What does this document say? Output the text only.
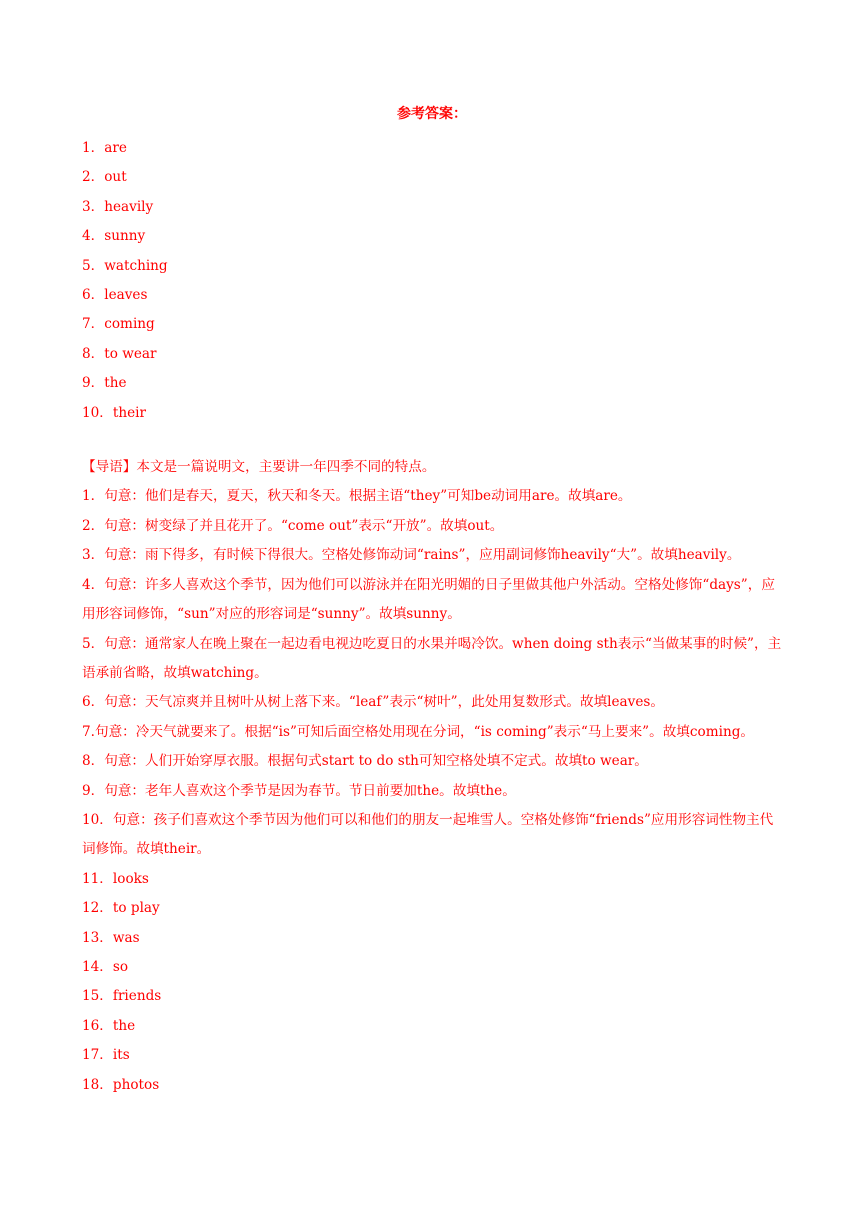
参考答案：
1．are
2．out
3．heavily
4．sunny
5．watching
6．leaves
7．coming
8．to wear
9．the
10．their
【导语】本文是一篇说明文，主要讲一年四季不同的特点。
1．句意：他们是春天，夏天，秋天和冬天。根据主语“they”可知be动词用are。故填are。
2．句意：树变绿了并且花开了。“come out”表示“开放”。故填out。
3．句意：雨下得多，有时候下得很大。空格处修饰动词“rains”，应用副词修饰heavily“大”。故填heavily。
4．句意：许多人喜欢这个季节，因为他们可以游泳并在阳光明媚的日子里做其他户外活动。空格处修饰“days”，应用形容词修饰，“sun”对应的形容词是“sunny”。故填sunny。
5．句意：通常家人在晚上聚在一起边看电视边吃夏日的水果并喝冷饮。when doing sth表示“当做某事的时候”，主语承前省略，故填watching。
6．句意：天气凉爽并且树叶从树上落下来。“leaf”表示“树叶”，此处用复数形式。故填leaves。
7.句意：冷天气就要来了。根据“is”可知后面空格处用现在分词，“is coming”表示“马上要来”。故填coming。
8．句意：人们开始穿厚衣服。根据句式start to do sth可知空格处填不定式。故填to wear。
9．句意：老年人喜欢这个季节是因为春节。节日前要加the。故填the。
10．句意：孩子们喜欢这个季节因为他们可以和他们的朋友一起堆雪人。空格处修饰“friends”应用形容词性物主代词修饰。故填their。
11．looks
12．to play
13．was
14．so
15．friends
16．the
17．its
18．photos
